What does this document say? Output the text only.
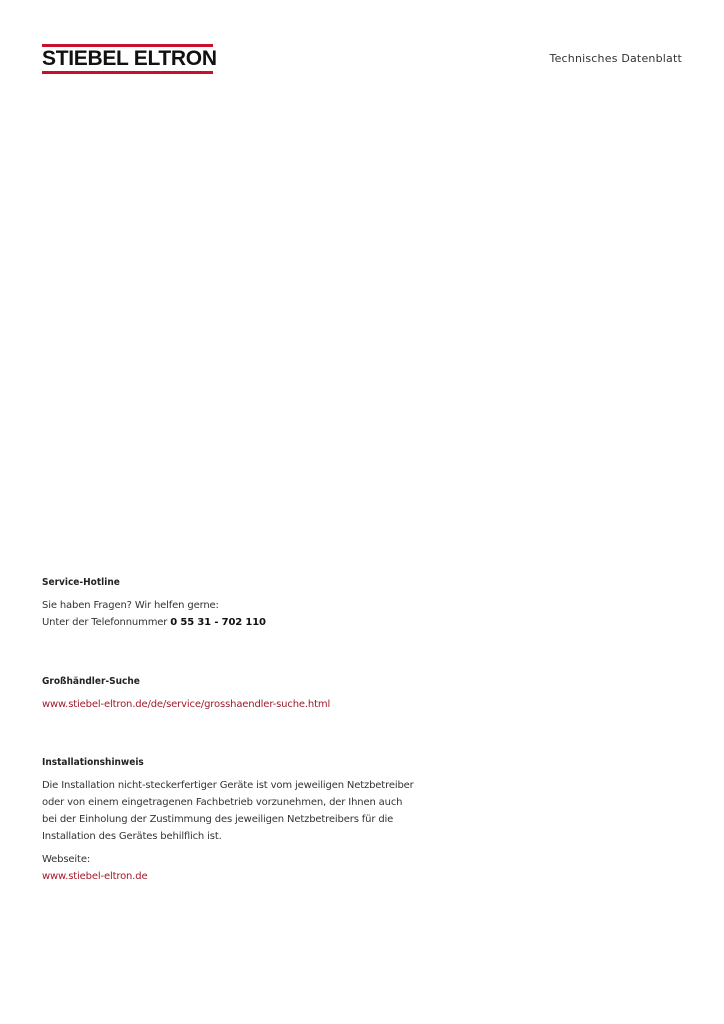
STIEBEL ELTRON	Technisches Datenblatt
Service-Hotline
Sie haben Fragen? Wir helfen gerne:
Unter der Telefonnummer 0 55 31 - 702 110
Großhändler-Suche
www.stiebel-eltron.de/de/service/grosshaendler-suche.html
Installationshinweis
Die Installation nicht-steckerfertiger Geräte ist vom jeweiligen Netzbetreiber
oder von einem eingetragenen Fachbetrieb vorzunehmen, der Ihnen auch
bei der Einholung der Zustimmung des jeweiligen Netzbetreibers für die
Installation des Gerätes behilflich ist.
Webseite:
www.stiebel-eltron.de
